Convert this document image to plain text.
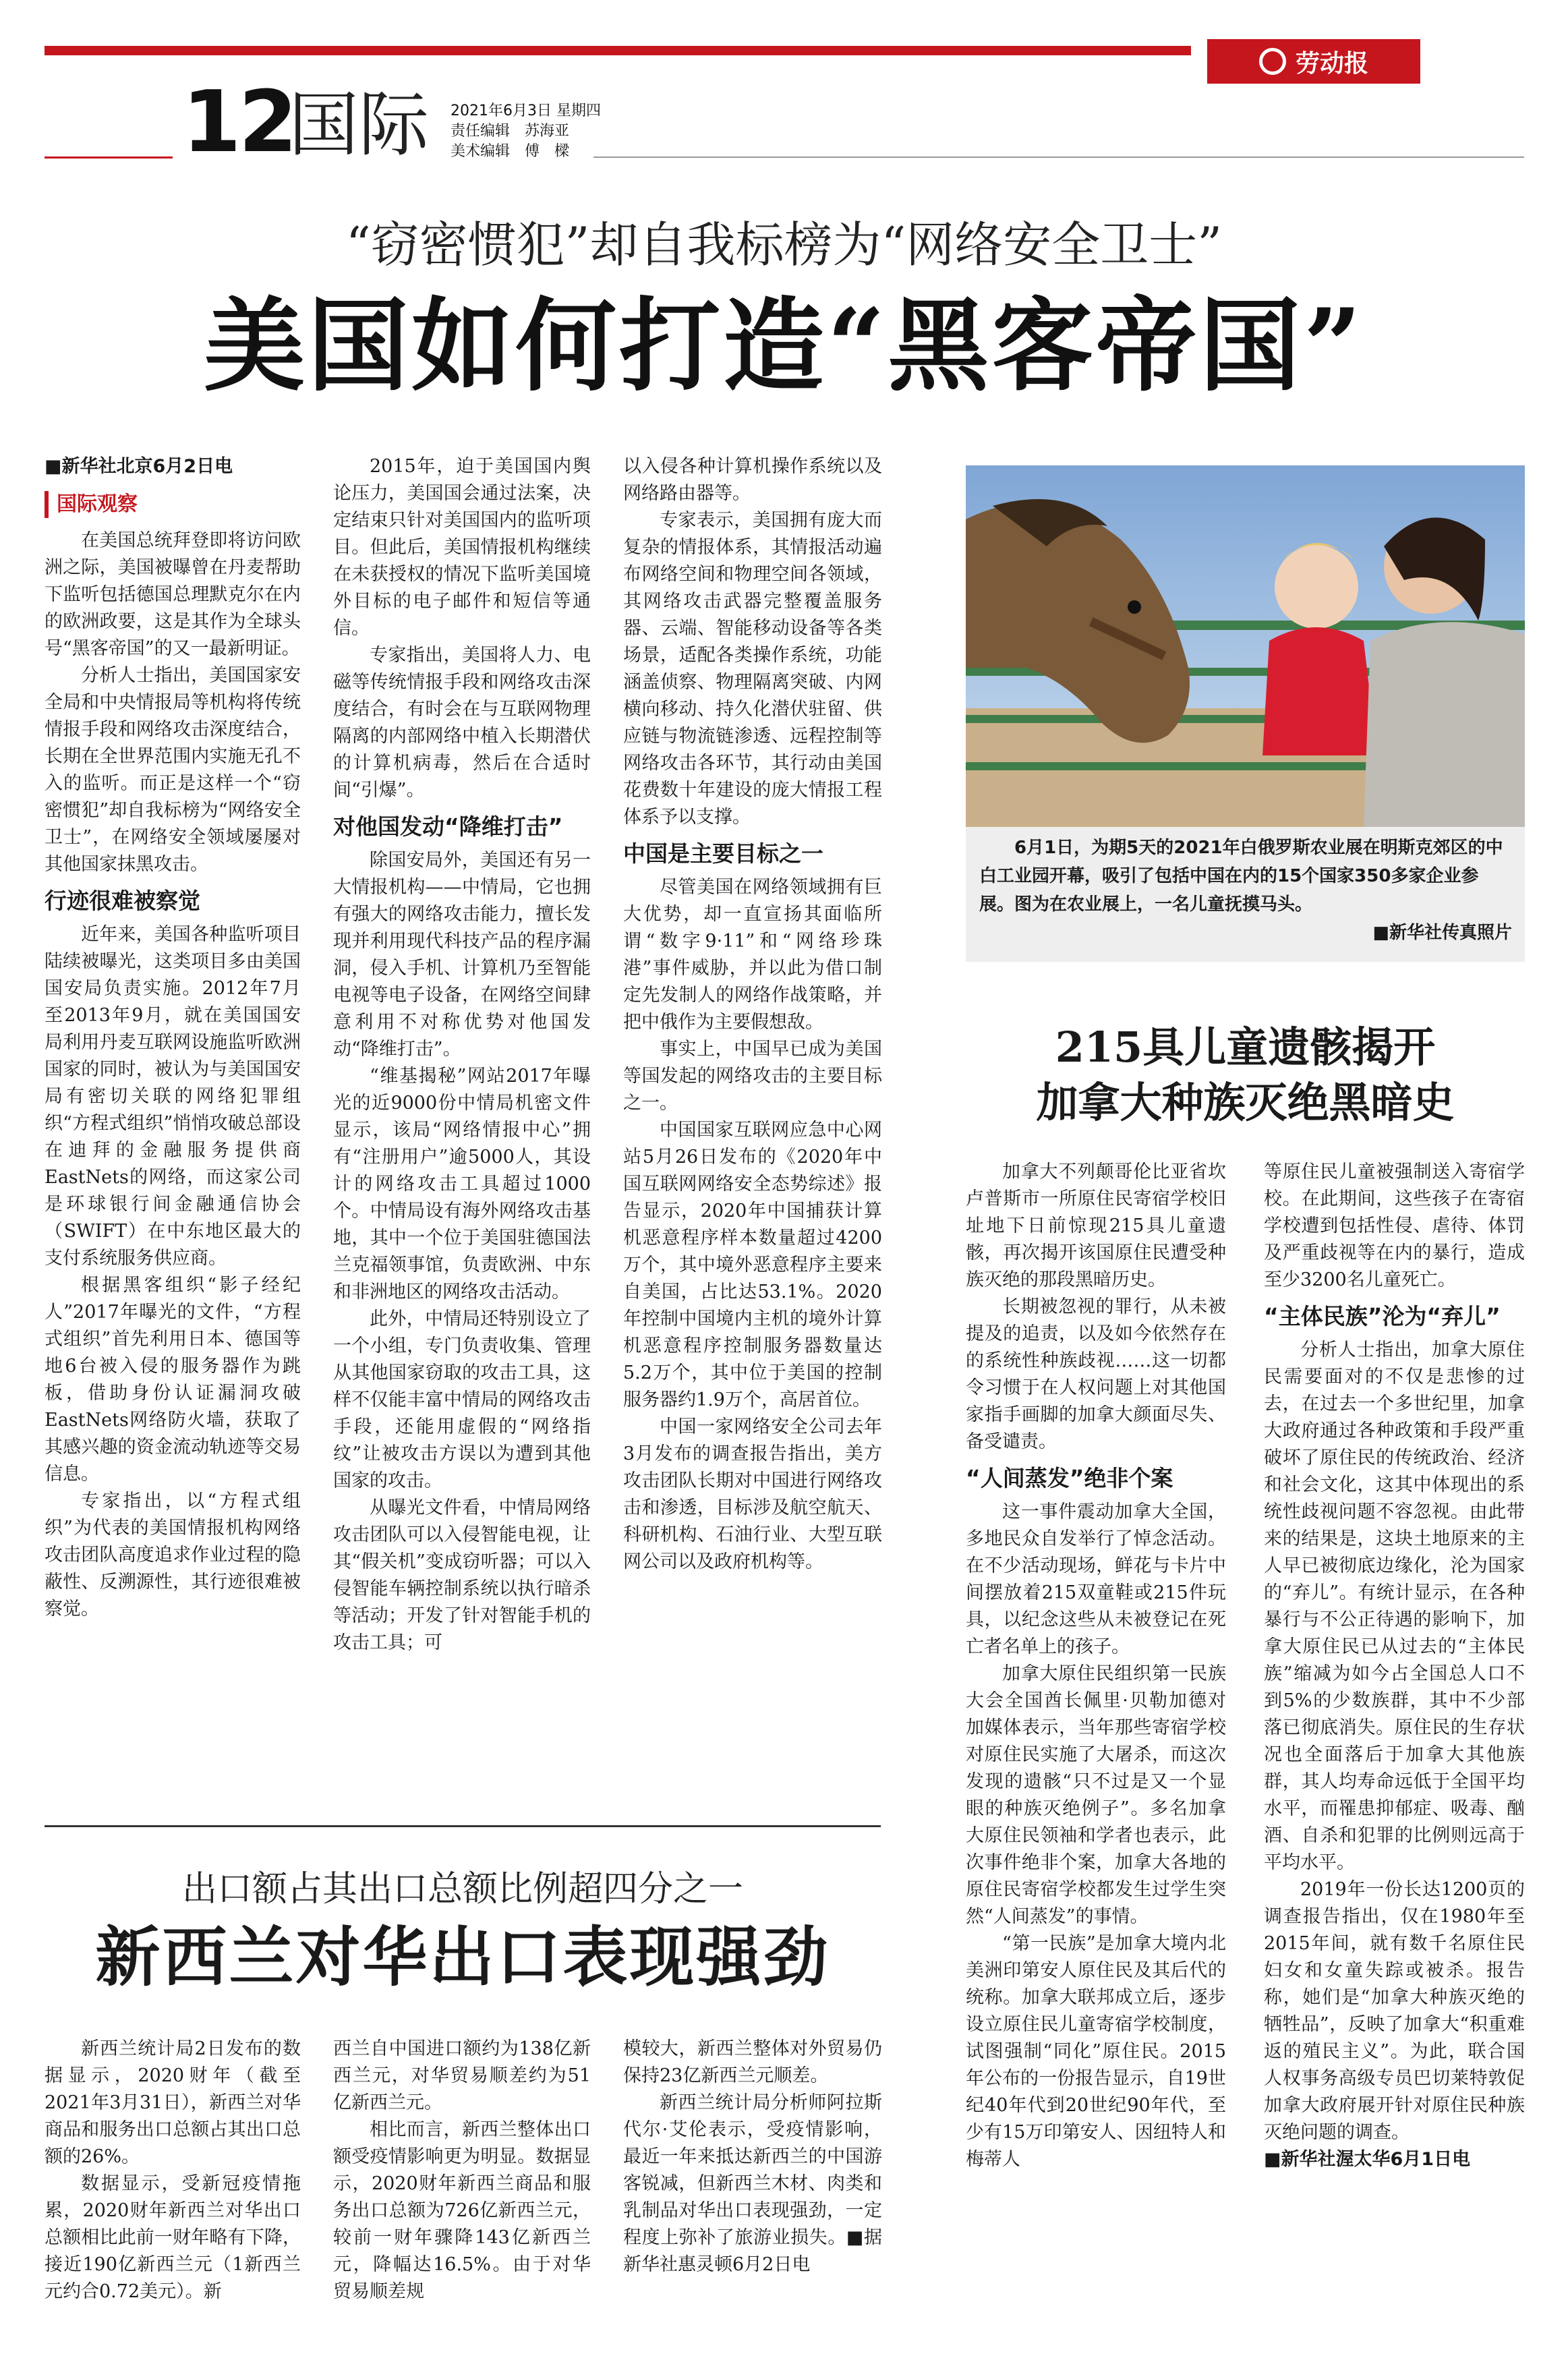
劳动报
12
国际 2021年6月3日 星期四
责任编辑　苏海亚
美术编辑　傅　樑
“窃密惯犯”却自我标榜为“网络安全卫士”
美国如何打造“黑客帝国”
■新华社北京6月2日电
国际观察

在美国总统拜登即将访问欧洲之际，美国被曝曾在丹麦帮助下监听包括德国总理默克尔在内的欧洲政要，这是其作为全球头号“黑客帝国”的又一最新明证。

分析人士指出，美国国家安全局和中央情报局等机构将传统情报手段和网络攻击深度结合，长期在全世界范围内实施无孔不入的监听。而正是这样一个“窃密惯犯”却自我标榜为“网络安全卫士”，在网络安全领域屡屡对其他国家抹黑攻击。

行迹很难被察觉

近年来，美国各种监听项目陆续被曝光，这类项目多由美国国安局负责实施。2012年7月至2013年9月，就在美国国安局利用丹麦互联网设施监听欧洲国家的同时，被认为与美国国安局有密切关联的网络犯罪组织“方程式组织”悄悄攻破总部设在迪拜的金融服务提供商EastNets的网络，而这家公司是环球银行间金融通信协会（SWIFT）在中东地区最大的支付系统服务供应商。

根据黑客组织“影子经纪人”2017年曝光的文件，“方程式组织”首先利用日本、德国等地6台被入侵的服务器作为跳板，借助身份认证漏洞攻破EastNets网络防火墙，获取了其感兴趣的资金流动轨迹等交易信息。

专家指出，以“方程式组织”为代表的美国情报机构网络攻击团队高度追求作业过程的隐蔽性、反溯源性，其行迹很难被察觉。

2015年，迫于美国国内舆论压力，美国国会通过法案，决定结束只针对美国国内的监听项目。但此后，美国情报机构继续在未获授权的情况下监听美国境外目标的电子邮件和短信等通信。

专家指出，美国将人力、电磁等传统情报手段和网络攻击深度结合，有时会在与互联网物理隔离的内部网络中植入长期潜伏的计算机病毒，然后在合适时间“引爆”。

对他国发动“降维打击”

除国安局外，美国还有另一大情报机构——中情局，它也拥有强大的网络攻击能力，擅长发现并利用现代科技产品的程序漏洞，侵入手机、计算机乃至智能电视等电子设备，在网络空间肆意利用不对称优势对他国发动“降维打击”。

“维基揭秘”网站2017年曝光的近9000份中情局机密文件显示，该局“网络情报中心”拥有“注册用户”逾5000人，其设计的网络攻击工具超过1000个。中情局设有海外网络攻击基地，其中一个位于美国驻德国法兰克福领事馆，负责欧洲、中东和非洲地区的网络攻击活动。

此外，中情局还特别设立了一个小组，专门负责收集、管理从其他国家窃取的攻击工具，这样不仅能丰富中情局的网络攻击手段，还能用虚假的“网络指纹”让被攻击方误以为遭到其他国家的攻击。

从曝光文件看，中情局网络攻击团队可以入侵智能电视，让其“假关机”变成窃听器；可以入侵智能车辆控制系统以执行暗杀等活动；开发了针对智能手机的攻击工具；可

以入侵各种计算机操作系统以及网络路由器等。

专家表示，美国拥有庞大而复杂的情报体系，其情报活动遍布网络空间和物理空间各领域，其网络攻击武器完整覆盖服务器、云端、智能移动设备等各类场景，适配各类操作系统，功能涵盖侦察、物理隔离突破、内网横向移动、持久化潜伏驻留、供应链与物流链渗透、远程控制等网络攻击各环节，其行动由美国花费数十年建设的庞大情报工程体系予以支撑。

中国是主要目标之一

尽管美国在网络领域拥有巨大优势，却一直宣扬其面临所谓“数字9·11”和“网络珍珠港”事件威胁，并以此为借口制定先发制人的网络作战策略，并把中俄作为主要假想敌。

事实上，中国早已成为美国等国发起的网络攻击的主要目标之一。

中国国家互联网应急中心网站5月26日发布的《2020年中国互联网网络安全态势综述》报告显示，2020年中国捕获计算机恶意程序样本数量超过4200万个，其中境外恶意程序主要来自美国，占比达53.1%。2020年控制中国境内主机的境外计算机恶意程序控制服务器数量达5.2万个，其中位于美国的控制服务器约1.9万个，高居首位。

中国一家网络安全公司去年3月发布的调查报告指出，美方攻击团队长期对中国进行网络攻击和渗透，目标涉及航空航天、科研机构、石油行业、大型互联网公司以及政府机构等。

6月1日，为期5天的2021年白俄罗斯农业展在明斯克郊区的中白工业园开幕，吸引了包括中国在内的15个国家350多家企业参展。图为在农业展上，一名儿童抚摸马头。
■新华社传真照片
215具儿童遗骸揭开
加拿大种族灭绝黑暗史

加拿大不列颠哥伦比亚省坎卢普斯市一所原住民寄宿学校旧址地下日前惊现215具儿童遗骸，再次揭开该国原住民遭受种族灭绝的那段黑暗历史。

长期被忽视的罪行，从未被提及的追责，以及如今依然存在的系统性种族歧视……这一切都令习惯于在人权问题上对其他国家指手画脚的加拿大颜面尽失、备受谴责。

“人间蒸发”绝非个案

这一事件震动加拿大全国，多地民众自发举行了悼念活动。在不少活动现场，鲜花与卡片中间摆放着215双童鞋或215件玩具，以纪念这些从未被登记在死亡者名单上的孩子。

加拿大原住民组织第一民族大会全国酋长佩里·贝勒加德对加媒体表示，当年那些寄宿学校对原住民实施了大屠杀，而这次发现的遗骸“只不过是又一个显眼的种族灭绝例子”。多名加拿大原住民领袖和学者也表示，此次事件绝非个案，加拿大各地的原住民寄宿学校都发生过学生突然“人间蒸发”的事情。

“第一民族”是加拿大境内北美洲印第安人原住民及其后代的统称。加拿大联邦成立后，逐步设立原住民儿童寄宿学校制度，试图强制“同化”原住民。2015年公布的一份报告显示，自19世纪40年代到20世纪90年代，至少有15万印第安人、因纽特人和梅蒂人

等原住民儿童被强制送入寄宿学校。在此期间，这些孩子在寄宿学校遭到包括性侵、虐待、体罚及严重歧视等在内的暴行，造成至少3200名儿童死亡。

“主体民族”沦为“弃儿”

分析人士指出，加拿大原住民需要面对的不仅是悲惨的过去，在过去一个多世纪里，加拿大政府通过各种政策和手段严重破坏了原住民的传统政治、经济和社会文化，这其中体现出的系统性歧视问题不容忽视。由此带来的结果是，这块土地原来的主人早已被彻底边缘化，沦为国家的“弃儿”。有统计显示，在各种暴行与不公正待遇的影响下，加拿大原住民已从过去的“主体民族”缩减为如今占全国总人口不到5%的少数族群，其中不少部落已彻底消失。原住民的生存状况也全面落后于加拿大其他族群，其人均寿命远低于全国平均水平，而罹患抑郁症、吸毒、酗酒、自杀和犯罪的比例则远高于平均水平。

2019年一份长达1200页的调查报告指出，仅在1980年至2015年间，就有数千名原住民妇女和女童失踪或被杀。报告称，她们是“加拿大种族灭绝的牺牲品”，反映了加拿大“积重难返的殖民主义”。为此，联合国人权事务高级专员巴切莱特敦促加拿大政府展开针对原住民种族灭绝问题的调查。

■新华社渥太华6月1日电
出口额占其出口总额比例超四分之一
新西兰对华出口表现强劲

新西兰统计局2日发布的数据显示，2020财年（截至2021年3月31日），新西兰对华商品和服务出口总额占其出口总额的26%。

数据显示，受新冠疫情拖累，2020财年新西兰对华出口总额相比此前一财年略有下降，接近190亿新西兰元（1新西兰元约合0.72美元）。新

西兰自中国进口额约为138亿新西兰元，对华贸易顺差约为51亿新西兰元。

相比而言，新西兰整体出口额受疫情影响更为明显。数据显示，2020财年新西兰商品和服务出口总额为726亿新西兰元，较前一财年骤降143亿新西兰元，降幅达16.5%。由于对华贸易顺差规

模较大，新西兰整体对外贸易仍保持23亿新西兰元顺差。

新西兰统计局分析师阿拉斯代尔·艾伦表示，受疫情影响，最近一年来抵达新西兰的中国游客锐减，但新西兰木材、肉类和乳制品对华出口表现强劲，一定程度上弥补了旅游业损失。■据新华社惠灵顿6月2日电
